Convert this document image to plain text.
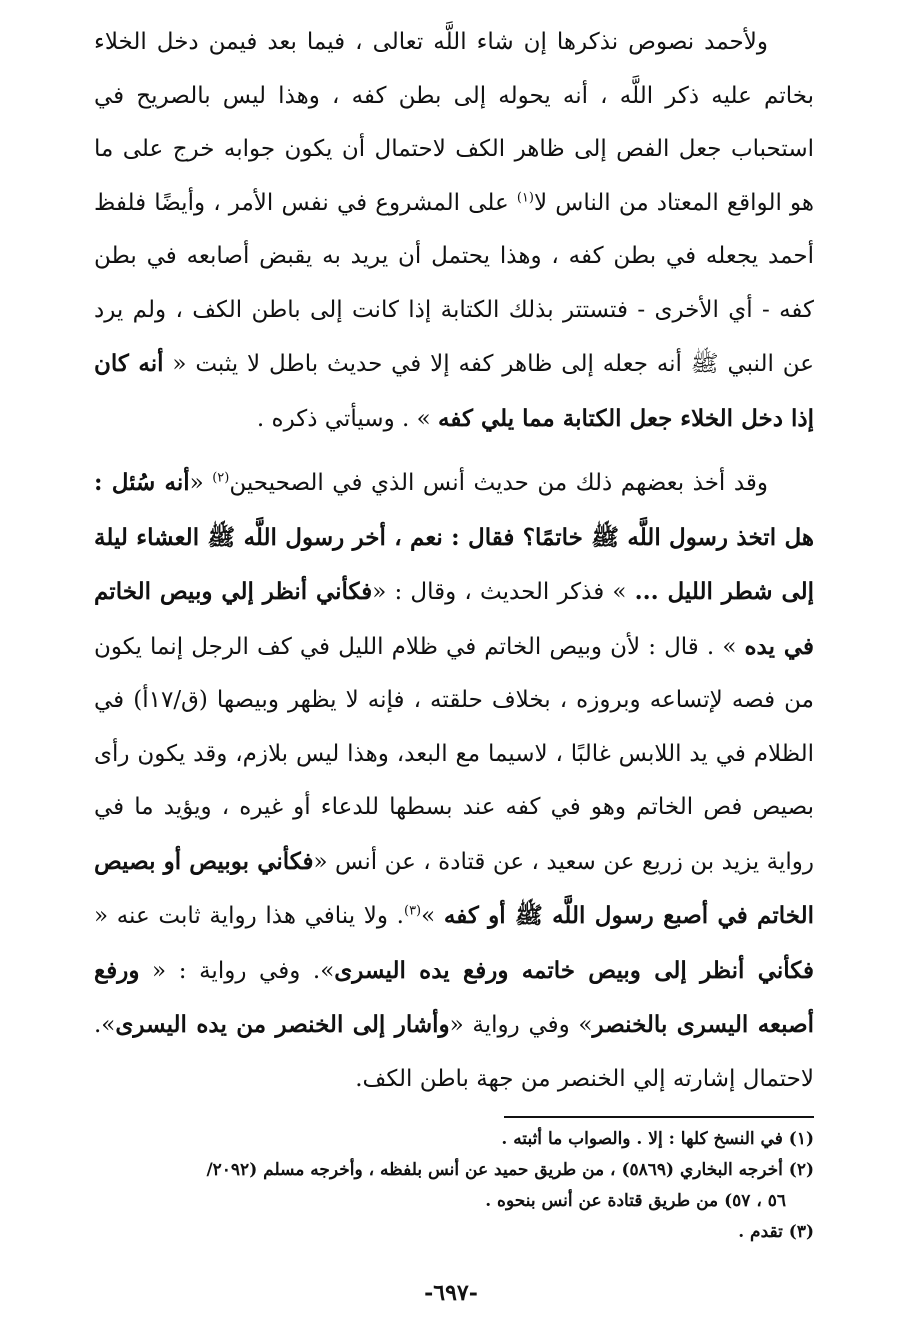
ولأحمد نصوص نذكرها إن شاء اللَّه تعالى ، فيما بعد فيمن دخل الخلاء بخاتم عليه ذكر اللَّه ، أنه يحوله إلى بطن كفه ، وهذا ليس بالصريح في استحباب جعل الفص إلى ظاهر الكف لاحتمال أن يكون جوابه خرج على ما هو الواقع المعتاد من الناس لا$^{(١)}$ على المشروع في نفس الأمر ، وأيضًا فلفظ أحمد يجعله في بطن كفه ، وهذا يحتمل أن يريد به يقبض أصابعه في بطن كفه - أي الأخرى - فتستتر بذلك الكتابة إذا كانت إلى باطن الكف ، ولم يرد عن النبي ﷺ أنه جعله إلى ظاهر كفه إلا في حديث باطل لا يثبت « أنه كان إذا دخل الخلاء جعل الكتابة مما يلي كفه » . وسيأتي ذكره .

وقد أخذ بعضهم ذلك من حديث أنس الذي في الصحيحين$^{(٢)}$ «أنه سُئل : هل اتخذ رسول اللَّه ﷺ خاتمًا؟ فقال : نعم ، أخر رسول اللَّه ﷺ العشاء ليلة إلى شطر الليل ... » فذكر الحديث ، وقال : «فكأني أنظر إلي وبيص الخاتم في يده » . قال : لأن وبيص الخاتم في ظلام الليل في كف الرجل إنما يكون من فصه لإتساعه وبروزه ، بخلاف حلقته ، فإنه لا يظهر وبيصها (ق/١٧أ) في الظلام في يد اللابس غالبًا ، لاسيما مع البعد، وهذا ليس بلازم، وقد يكون رأى بصيص فص الخاتم وهو في كفه عند بسطها للدعاء أو غيره ، ويؤيد ما في رواية يزيد بن زريع عن سعيد ، عن قتادة ، عن أنس «فكأني بوبيص أو بصيص الخاتم في أصبع رسول اللَّه ﷺ أو كفه »$^{(٣)}$. ولا ينافي هذا رواية ثابت عنه « فكأني أنظر إلى وبيص خاتمه ورفع يده اليسرى». وفي رواية : « ورفع أصبعه اليسرى بالخنصر» وفي رواية «وأشار إلى الخنصر من يده اليسرى». لاحتمال إشارته إلي الخنصر من جهة باطن الكف.

(١) في النسخ كلها : إلا . والصواب ما أثبته .

(٢) أخرجه البخاري (٥٨٦٩) ، من طريق حميد عن أنس بلفظه ، وأخرجه مسلم (٢٠٩٢/

٥٦ ، ٥٧) من طريق قتادة عن أنس بنحوه .

(٣) تقدم .

-٦٩٧-
